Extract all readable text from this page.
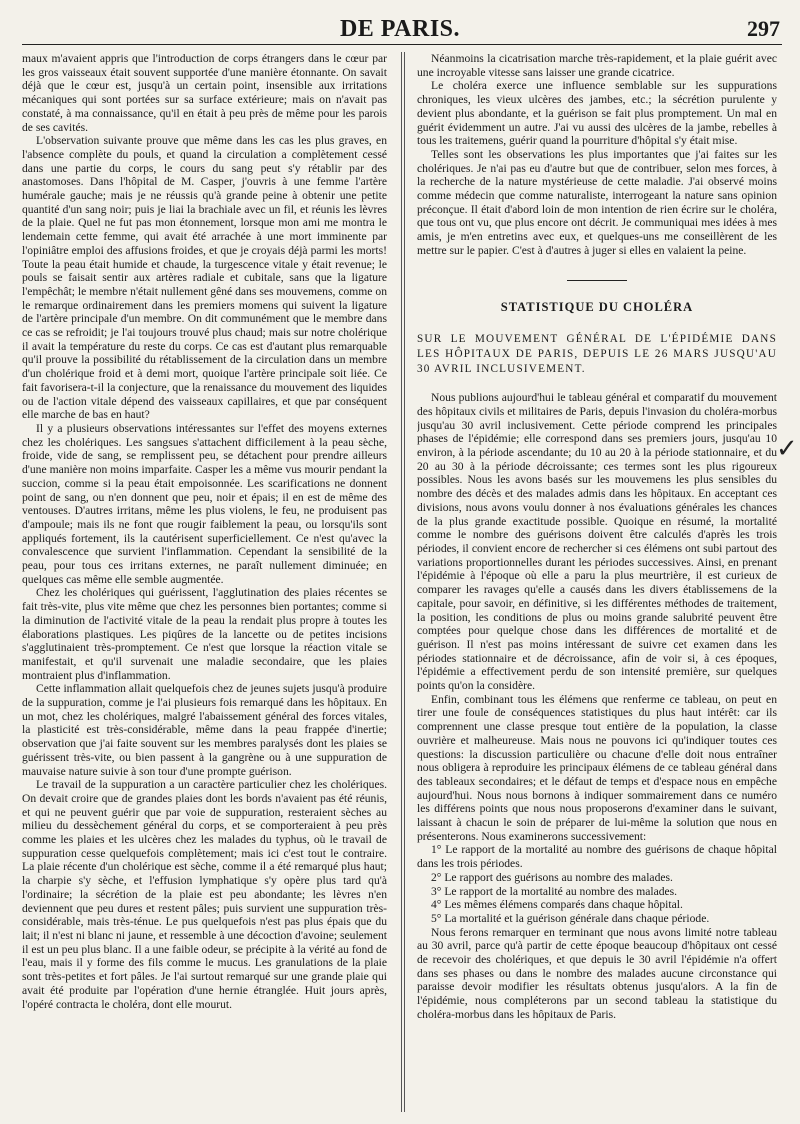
DE PARIS.	297

maux m'avaient appris que l'introduction de corps étrangers dans le cœur par les gros vaisseaux était souvent supportée d'une manière étonnante. On savait déjà que le cœur est, jusqu'à un certain point, insensible aux irritations mécaniques qui sont portées sur sa surface extérieure; mais on n'avait pas constaté, à ma connaissance, qu'il en était à peu près de même pour les parois de ses cavités.

L'observation suivante prouve que même dans les cas les plus graves, en l'absence complète du pouls, et quand la circulation a complètement cessé dans une partie du corps, le cours du sang peut s'y rétablir par des anastomoses. Dans l'hôpital de M. Casper, j'ouvris à une femme l'artère humérale gauche; mais je ne réussis qu'à grande peine à obtenir une petite quantité d'un sang noir; puis je liai la brachiale avec un fil, et réunis les lèvres de la plaie. Quel ne fut pas mon étonnement, lorsque mon ami me montra le lendemain cette femme, qui avait été arrachée à une mort imminente par l'opiniâtre emploi des affusions froides, et que je croyais déjà parmi les morts! Toute la peau était humide et chaude, la turgescence vitale y était revenue; le pouls se faisait sentir aux artères radiale et cubitale, sans que la ligature l'empêchât; le membre n'était nullement gêné dans ses mouvemens, comme on le remarque ordinairement dans les premiers momens qui suivent la ligature de l'artère principale d'un membre. On dit communément que le membre dans ce cas se refroidit; je l'ai toujours trouvé plus chaud; mais sur notre cholérique il avait la température du reste du corps. Ce cas est d'autant plus remarquable qu'il prouve la possibilité du rétablissement de la circulation dans un membre d'un cholérique froid et à demi mort, quoique l'artère principale soit liée. Ce fait favorisera-t-il la conjecture, que la renaissance du mouvement des liquides ou de l'action vitale dépend des vaisseaux capillaires, et que par conséquent elle marche de bas en haut?

Il y a plusieurs observations intéressantes sur l'effet des moyens externes chez les cholériques. Les sangsues s'attachent difficilement à la peau sèche, froide, vide de sang, se remplissent peu, se détachent pour prendre ailleurs d'une manière non moins imparfaite. Casper les a même vus mourir pendant la succion, comme si la peau était empoisonnée. Les scarifications ne donnent point de sang, ou n'en donnent que peu, noir et épais; il en est de même des ventouses. D'autres irritans, même les plus violens, le feu, ne produisent pas d'ampoule; mais ils ne font que rougir faiblement la peau, ou lorsqu'ils sont appliqués fortement, ils la cautérisent superficiellement. Ce n'est qu'avec la convalescence que survient l'inflammation. Cependant la sensibilité de la peau, pour tous ces irritans externes, ne paraît nullement diminuée; en quelques cas même elle semble augmentée.

Chez les cholériques qui guérissent, l'agglutination des plaies récentes se fait très-vite, plus vite même que chez les personnes bien portantes; comme si la diminution de l'activité vitale de la peau la rendait plus propre à toutes les élaborations plastiques. Les piqûres de la lancette ou de petites incisions s'agglutinaient très-promptement. Ce n'est que lorsque la réaction vitale se manifestait, et qu'il survenait une maladie secondaire, que les plaies montraient plus d'inflammation.

Cette inflammation allait quelquefois chez de jeunes sujets jusqu'à produire de la suppuration, comme je l'ai plusieurs fois remarqué dans les hôpitaux. En un mot, chez les cholériques, malgré l'abaissement général des forces vitales, la plasticité est très-considérable, même dans la peau frappée d'inertie; observation que j'ai faite souvent sur les membres paralysés dont les plaies se guérissent très-vite, ou bien passent à la gangrène ou à une suppuration de mauvaise nature suivie à son tour d'une prompte guérison.

Le travail de la suppuration a un caractère particulier chez les cholériques. On devait croire que de grandes plaies dont les bords n'avaient pas été réunis, et qui ne peuvent guérir que par voie de suppuration, resteraient sèches au milieu du dessèchement général du corps, et se comporteraient à peu près comme les plaies et les ulcères chez les malades du typhus, où le travail de suppuration cesse quelquefois complètement; mais ici c'est tout le contraire. La plaie récente d'un cholérique est sèche, comme il a été remarqué plus haut; la charpie s'y sèche, et l'effusion lymphatique s'y opère plus tard qu'à l'ordinaire; la sécrétion de la plaie est peu abondante; les lèvres n'en deviennent que peu dures et restent pâles; puis survient une suppuration très-considérable, mais très-ténue. Le pus quelquefois n'est pas plus épais que du lait; il n'est ni blanc ni jaune, et ressemble à une décoction d'avoine; seulement il est un peu plus blanc. Il a une faible odeur, se précipite à la vérité au fond de l'eau, mais il y forme des fils comme le mucus. Les granulations de la plaie sont très-petites et fort pâles. Je l'ai surtout remarqué sur une grande plaie qui avait été produite par l'opération d'une hernie étranglée. Huit jours après, l'opéré contracta le choléra, dont elle mourut.

Néanmoins la cicatrisation marche très-rapidement, et la plaie guérit avec une incroyable vitesse sans laisser une grande cicatrice.

Le choléra exerce une influence semblable sur les suppurations chroniques, les vieux ulcères des jambes, etc.; la sécrétion purulente y devient plus abondante, et la guérison se fait plus promptement. Un mal en guérit évidemment un autre. J'ai vu aussi des ulcères de la jambe, rebelles à tous les traitemens, guérir quand la pourriture d'hôpital s'y était mise.

Telles sont les observations les plus importantes que j'ai faites sur les cholériques. Je n'ai pas eu d'autre but que de contribuer, selon mes forces, à la recherche de la nature mystérieuse de cette maladie. J'ai observé moins comme médecin que comme naturaliste, interrogeant la nature sans opinion préconçue. Il était d'abord loin de mon intention de rien écrire sur le choléra, que tous ont vu, que plus encore ont décrit. Je communiquai mes idées à mes amis, je m'en entretins avec eux, et quelques-uns me conseillèrent de les mettre sur le papier. C'est à d'autres à juger si elles en valaient la peine.

STATISTIQUE DU CHOLÉRA

SUR LE MOUVEMENT GÉNÉRAL DE L'ÉPIDÉMIE DANS LES HÔPITAUX DE PARIS, DEPUIS LE 26 MARS JUSQU'AU 30 AVRIL INCLUSIVEMENT.

Nous publions aujourd'hui le tableau général et comparatif du mouvement des hôpitaux civils et militaires de Paris, depuis l'invasion du choléra-morbus jusqu'au 30 avril inclusivement. Cette période comprend les principales phases de l'épidémie; elle correspond dans ses premiers jours, jusqu'au 10 environ, à la période ascendante; du 10 au 20 à la période stationnaire, et du 20 au 30 à la période décroissante; ces termes sont les plus rigoureux possibles. Nous les avons basés sur les mouvemens les plus sensibles du nombre des décès et des malades admis dans les hôpitaux. En acceptant ces divisions, nous avons voulu donner à nos évaluations générales les chances de la plus grande exactitude possible. Quoique en résumé, la mortalité comme le nombre des guérisons doivent être calculés d'après les trois périodes, il convient encore de rechercher si ces élémens ont subi partout des variations proportionnelles durant les périodes successives. Ainsi, en prenant l'épidémie à l'époque où elle a paru la plus meurtrière, il est curieux de comparer les ravages qu'elle a causés dans les divers établissemens de la capitale, pour savoir, en définitive, si les différentes méthodes de traitement, la position, les conditions de plus ou moins grande salubrité peuvent être comptées pour quelque chose dans les différences de mortalité et de guérison. Il n'est pas moins intéressant de suivre cet examen dans les périodes stationnaire et de décroissance, afin de voir si, à ces époques, l'épidémie a effectivement perdu de son intensité première, sur quelques points qu'on la considère.

Enfin, combinant tous les élémens que renferme ce tableau, on peut en tirer une foule de conséquences statistiques du plus haut intérêt: car ils comprennent une classe presque tout entière de la population, la classe ouvrière et malheureuse. Mais nous ne pouvons ici qu'indiquer toutes ces questions: la discussion particulière ou chacune d'elle doit nous entraîner nous obligera à reproduire les principaux élémens de ce tableau général dans des tableaux secondaires; et le défaut de temps et d'espace nous en empêche aujourd'hui. Nous nous bornons à indiquer sommairement dans ce numéro les différens points que nous nous proposerons d'examiner dans le suivant, laissant à chacun le soin de préparer de lui-même la solution que nous en présenterons. Nous examinerons successivement:

1° Le rapport de la mortalité au nombre des guérisons de chaque hôpital dans les trois périodes.

2° Le rapport des guérisons au nombre des malades.

3° Le rapport de la mortalité au nombre des malades.

4° Les mêmes élémens comparés dans chaque hôpital.

5° La mortalité et la guérison générale dans chaque période.

Nous ferons remarquer en terminant que nous avons limité notre tableau au 30 avril, parce qu'à partir de cette époque beaucoup d'hôpitaux ont cessé de recevoir des cholériques, et que depuis le 30 avril l'épidémie n'a offert dans ses phases ou dans le nombre des malades aucune circonstance qui paraisse devoir modifier les résultats obtenus jusqu'alors. A la fin de l'épidémie, nous compléterons par un second tableau la statistique du choléra-morbus dans les hôpitaux de Paris.

✓
